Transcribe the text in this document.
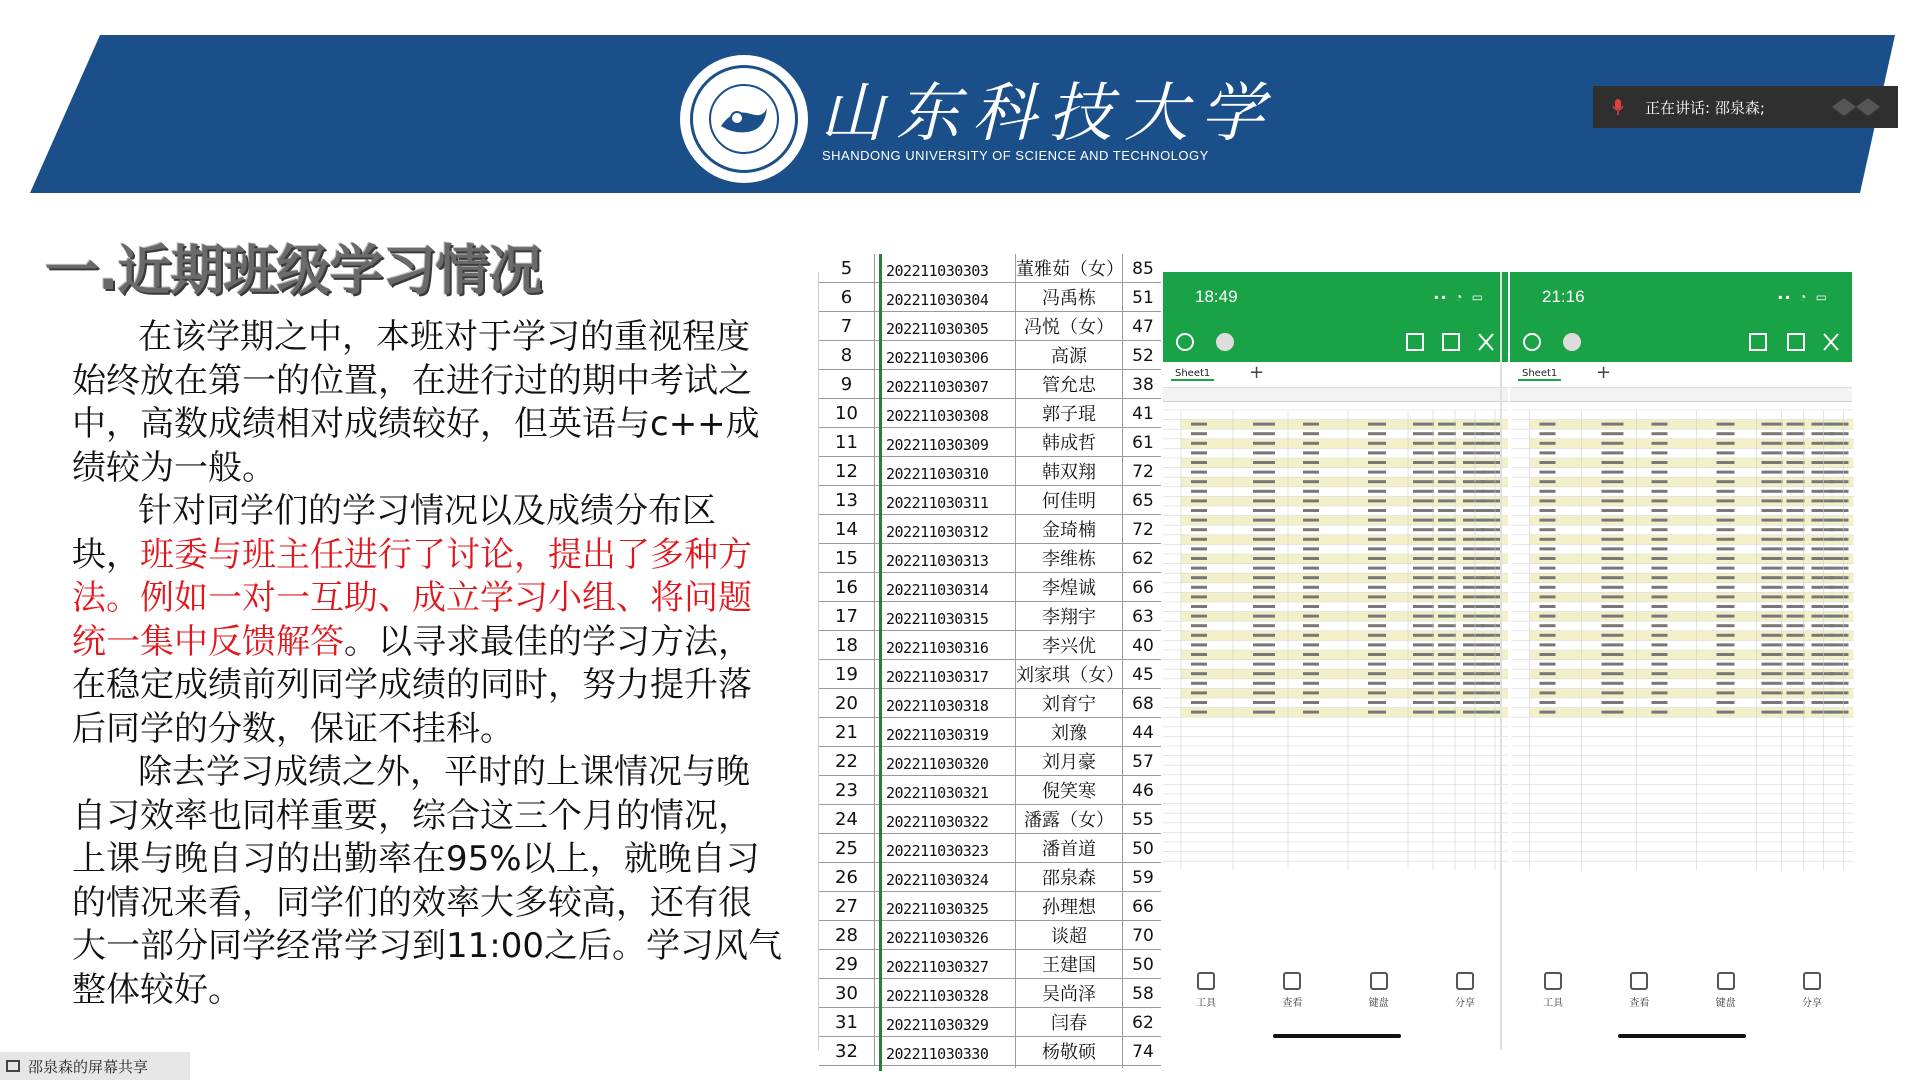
山东科技大学
SHANDONG UNIVERSITY OF SCIENCE AND TECHNOLOGY
正在讲话: 邵泉森;
一.近期班级学习情况

在该学期之中，本班对于学习的重视程度始终放在第一的位置，在进行过的期中考试之中，高数成绩相对成绩较好，但英语与c++成绩较为一般。

针对同学们的学习情况以及成绩分布区块，班委与班主任进行了讨论，提出了多种方法。例如一对一互助、成立学习小组、将问题统一集中反馈解答。以寻求最佳的学习方法，在稳定成绩前列同学成绩的同时，努力提升落后同学的分数，保证不挂科。

除去学习成绩之外，平时的上课情况与晚自习效率也同样重要，综合这三个月的情况，上课与晚自习的出勤率在95%以上，就晚自习的情况来看，同学们的效率大多较高，还有很大一部分同学经常学习到11:00之后。学习风气整体较好。

5	202211030303	董雅茹（女） 85
6	202211030304	冯禹栋	51
7	202211030305	冯悦（女）	47
8	202211030306	高源	52
9	202211030307	管允忠	38
10	202211030308	郭子琨	41
11	202211030309	韩成哲	61
12	202211030310	韩双翔	72
13	202211030311	何佳明	65
14	202211030312	金琦楠	72
15	202211030313	李维栋	62
16	202211030314	李煌诚	66
17	202211030315	李翔宇	63
18	202211030316	李兴优	40
19	202211030317	刘家琪（女） 45
20	202211030318	刘育宁	68
21	202211030319	刘豫	44
22	202211030320	刘月豪	57
23	202211030321	倪笑寒	46
24	202211030322	潘露（女）	55
25	202211030323	潘首道	50
26	202211030324	邵泉森	59
27	202211030325	孙理想	66
28	202211030326	谈超	70
29	202211030327	王建国	50
30	202211030328	吴尚泽	58
31	202211030329	闫春	62
32	202211030330	杨敬硕	74
18:49	▪▪ ◔ ▭
Sheet1 +
工具	查看	键盘	分享
21:16	▪▪ ◔ ▭
Sheet1 +
工具	查看	键盘	分享
邵泉森的屏幕共享
